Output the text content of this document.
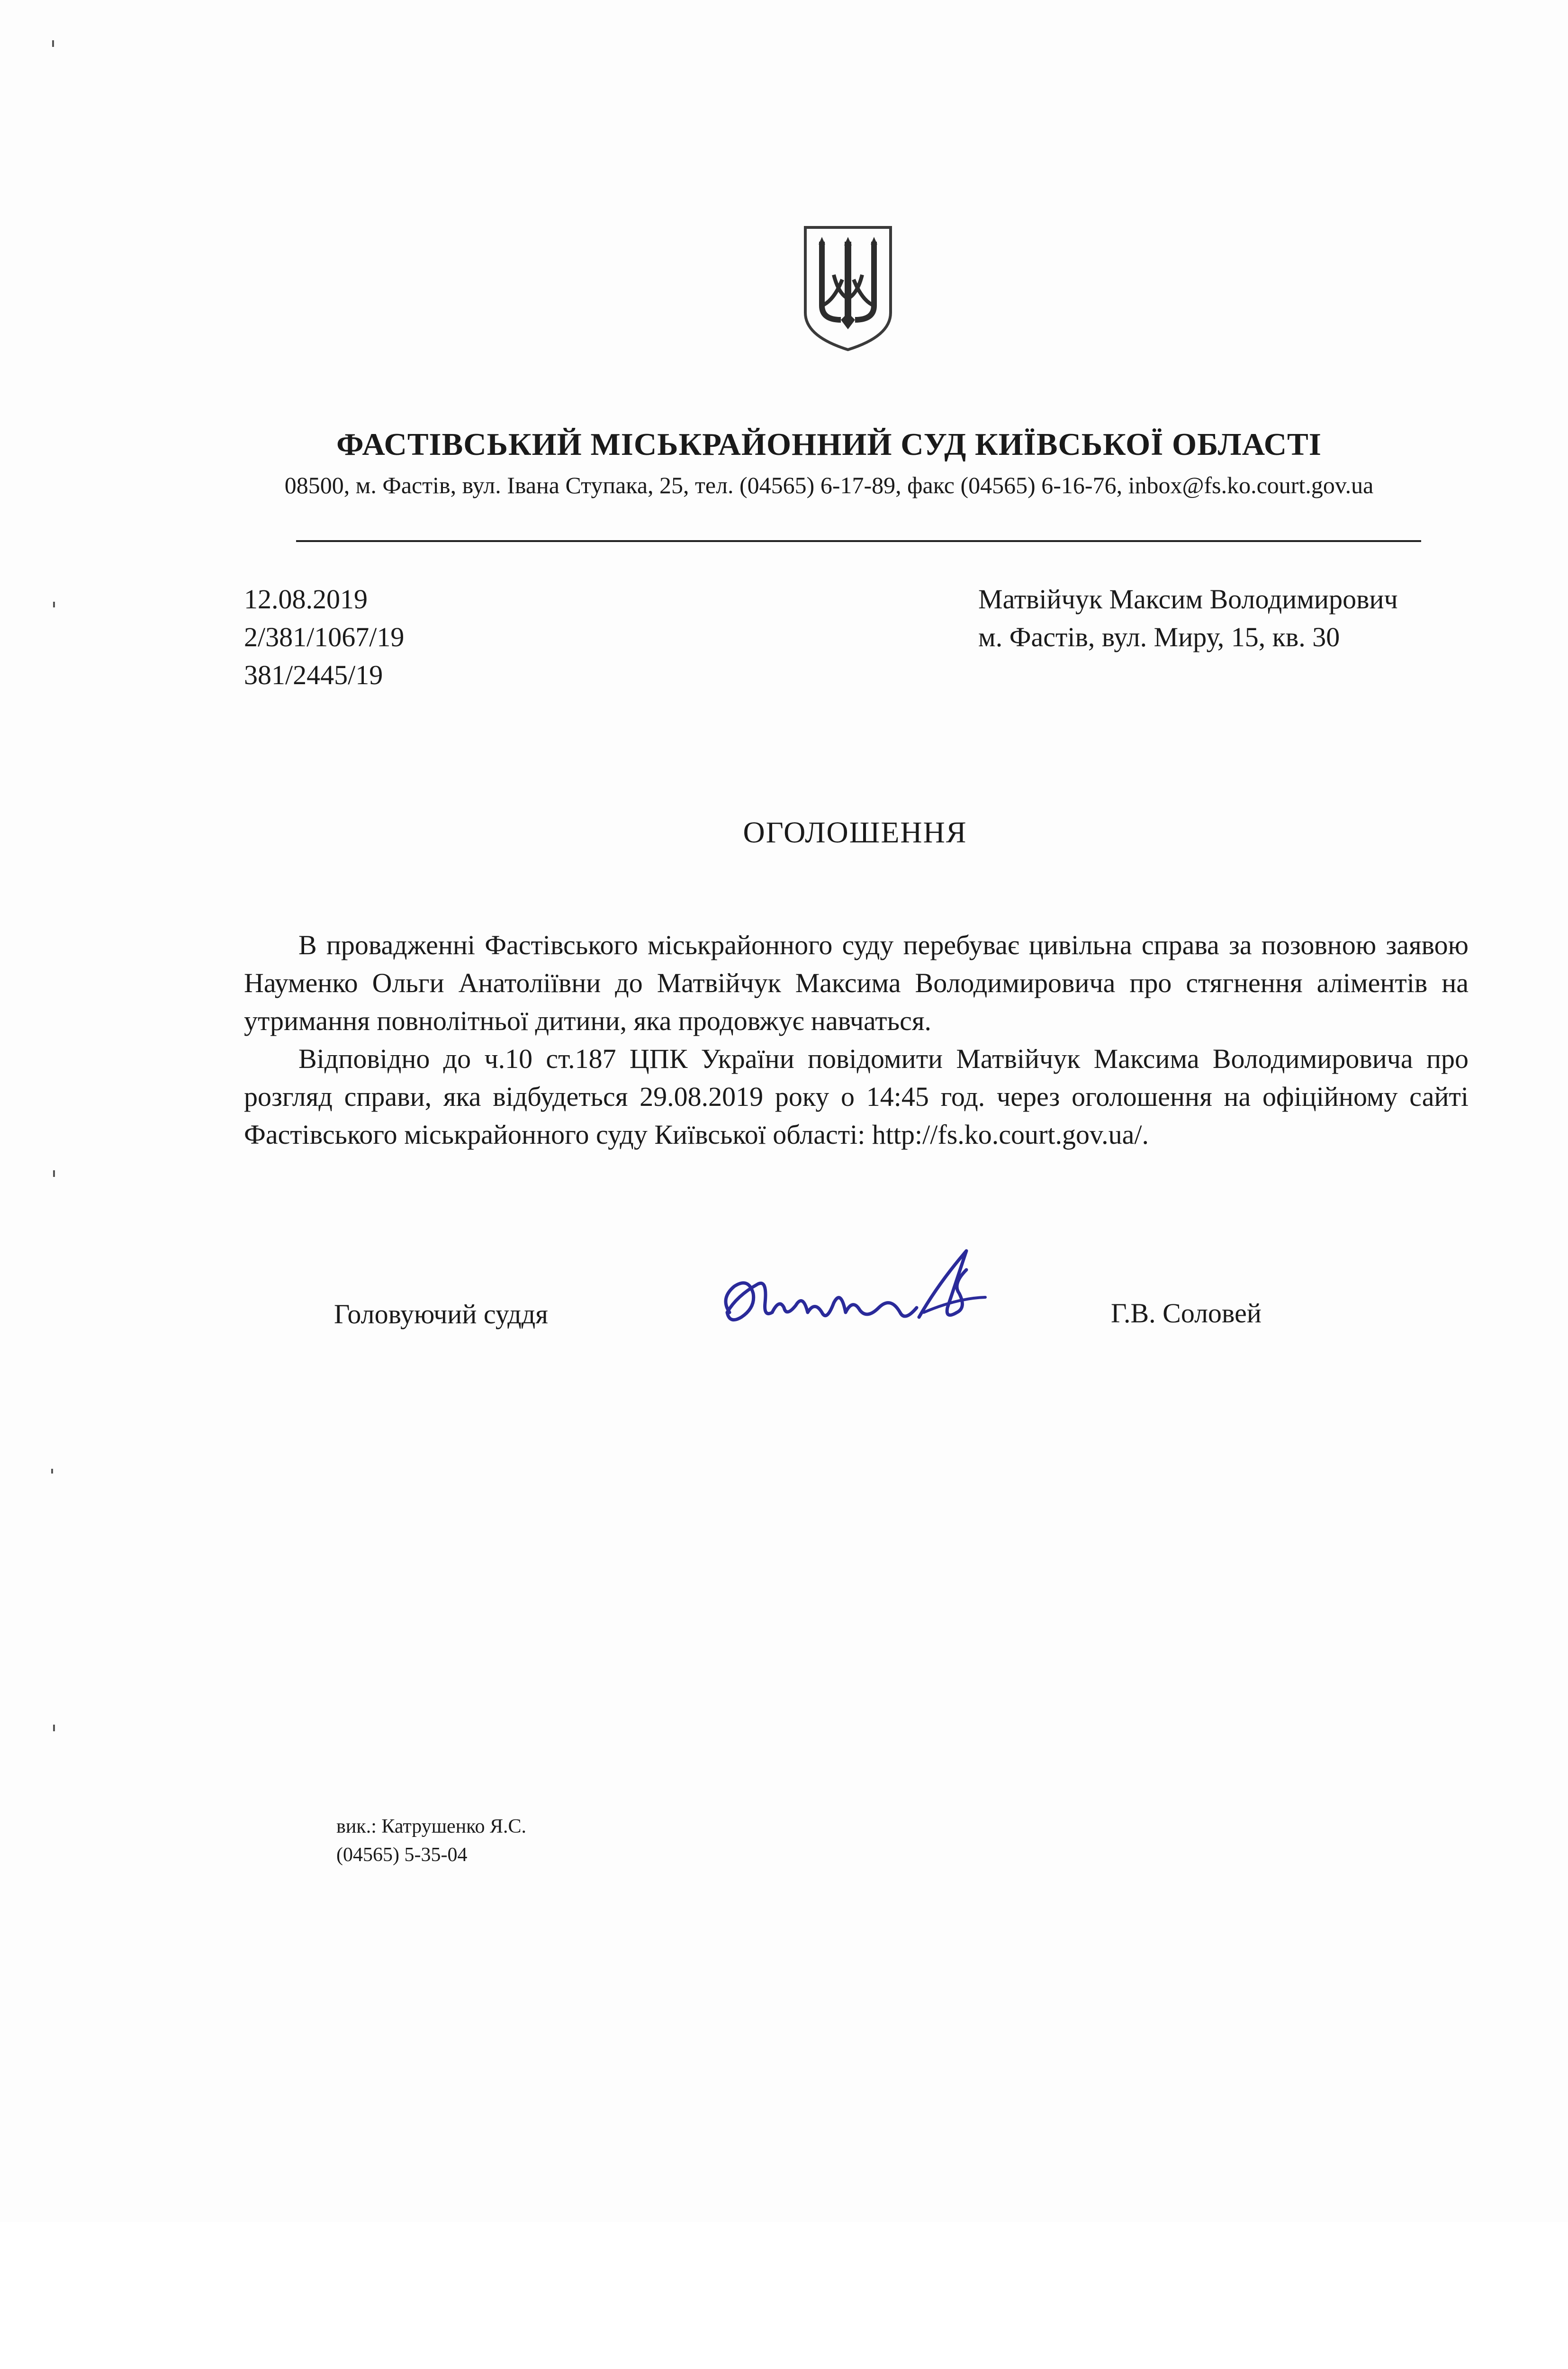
ФАСТІВСЬКИЙ МІСЬКРАЙОННИЙ СУД КИЇВСЬКОЇ ОБЛАСТІ
08500, м. Фастів, вул. Івана Ступака, 25, тел. (04565) 6-17-89, факс (04565) 6-16-76, inbox@fs.ko.court.gov.ua
12.08.2019
2/381/1067/19
381/2445/19
Матвійчук Максим Володимирович
м. Фастів, вул. Миру, 15, кв. 30
ОГОЛОШЕННЯ

В провадженні Фастівського міськрайонного суду перебуває цивільна справа за позовною заявою Науменко Ольги Анатоліївни до Матвійчук Максима Володимировича про стягнення аліментів на утримання повнолітньої дитини, яка продовжує навчаться.

Відповідно до ч.10 ст.187 ЦПК України повідомити Матвійчук Максима Володимировича про розгляд справи, яка відбудеться 29.08.2019 року о 14:45 год. через оголошення на офіційному сайті Фастівського міськрайонного суду Київської області: http://fs.ko.court.gov.ua/.

Головуючий суддя	Г.В. Соловей
вик.: Катрушенко Я.С.
(04565) 5-35-04
